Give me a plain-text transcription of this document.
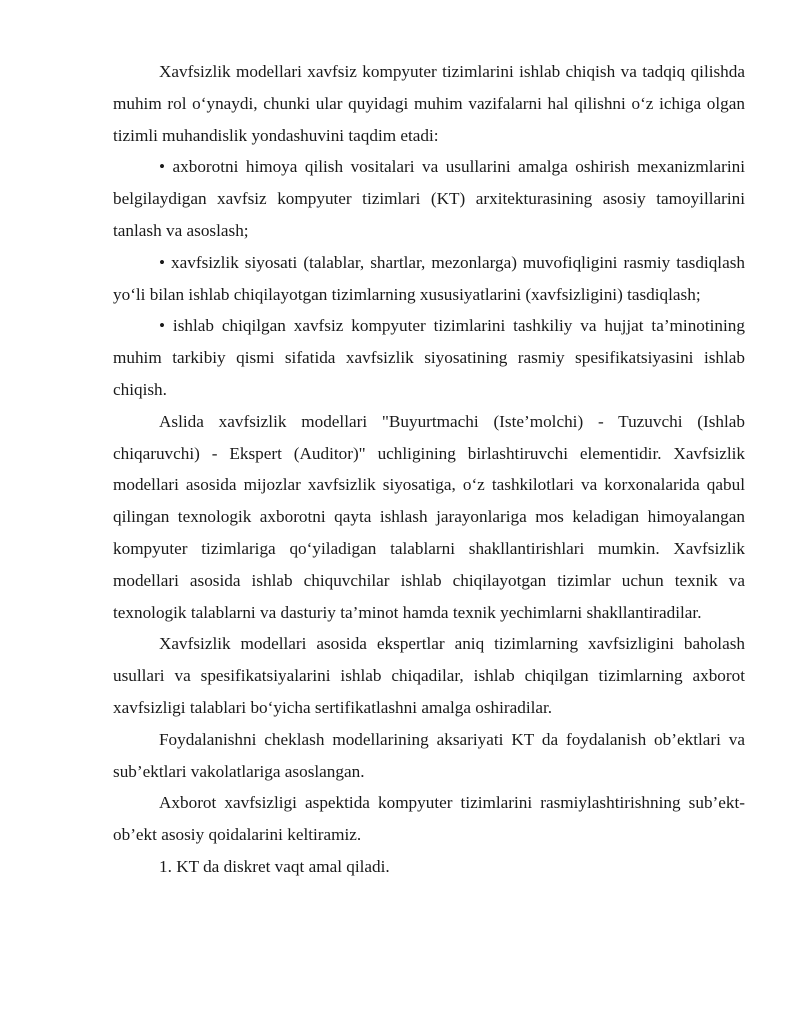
Xavfsizlik modellari xavfsiz kompyuter tizimlarini ishlab chiqish va tadqiq qilishda muhim rol o‘ynaydi, chunki ular quyidagi muhim vazifalarni hal qilishni o‘z ichiga olgan tizimli muhandislik yondashuvini taqdim etadi:

• axborotni himoya qilish vositalari va usullarini amalga oshirish mexanizmlarini belgilaydigan xavfsiz kompyuter tizimlari (KT) arxitekturasining asosiy tamoyillarini tanlash va asoslash;

• xavfsizlik siyosati (talablar, shartlar, mezonlarga) muvofiqligini rasmiy tasdiqlash yo‘li bilan ishlab chiqilayotgan tizimlarning xususiyatlarini (xavfsizligini) tasdiqlash;

• ishlab chiqilgan xavfsiz kompyuter tizimlarini tashkiliy va hujjat ta’minotining muhim tarkibiy qismi sifatida xavfsizlik siyosatining rasmiy spesifikatsiyasini ishlab chiqish.

Aslida xavfsizlik modellari "Buyurtmachi (Iste’molchi) - Tuzuvchi (Ishlab chiqaruvchi) - Ekspert (Auditor)" uchligining birlashtiruvchi elementidir. Xavfsizlik modellari asosida mijozlar xavfsizlik siyosatiga, o‘z tashkilotlari va korxonalarida qabul qilingan texnologik axborotni qayta ishlash jarayonlariga mos keladigan himoyalangan kompyuter tizimlariga qo‘yiladigan talablarni shakllantirishlari mumkin. Xavfsizlik modellari asosida ishlab chiquvchilar ishlab chiqilayotgan tizimlar uchun texnik va texnologik talablarni va dasturiy ta’minot hamda texnik yechimlarni shakllantiradilar.

Xavfsizlik modellari asosida ekspertlar aniq tizimlarning xavfsizligini baholash usullari va spesifikatsiyalarini ishlab chiqadilar, ishlab chiqilgan tizimlarning axborot xavfsizligi talablari bo‘yicha sertifikatlashni amalga oshiradilar.

Foydalanishni cheklash modellarining aksariyati KT da foydalanish ob’ektlari va sub’ektlari vakolatlariga asoslangan.

Axborot xavfsizligi aspektida kompyuter tizimlarini rasmiylashtirishning sub’ekt-ob’ekt asosiy qoidalarini keltiramiz.

1. KT da diskret vaqt amal qiladi.
